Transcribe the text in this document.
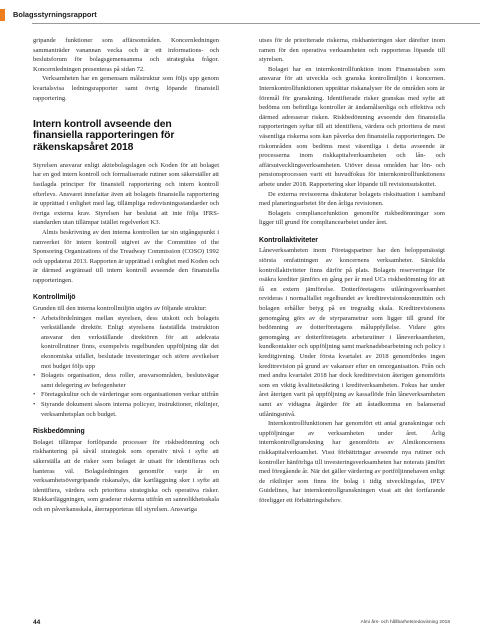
Bolagsstyrningsrapport

gripande funktioner som affärsområden. Koncernledningen sammanträder vanannan vecka och är ett informations- och beslutsforum för bolagsgemensamma och strategiska frågor. Koncernledningen presenteras på sidan 72.

Verksamheten har en gemensam målstruktur som följs upp genom kvartalsvisa ledningsrapporter samt övrig löpande finansiell rapportering.

Intern kontroll avseende den finansiella rapporteringen för räkenskapsåret 2018

Styrelsen ansvarar enligt aktiebolagslagen och Koden för att bolaget har en god intern kontroll och formaliserade rutiner som säkerställer att fastlagda principer för finansiell rapportering och intern kontroll efterlevs. Ansvaret innefattar även att bolagets finansiella rapportering är upprättad i enlighet med lag, tillämpliga redovisningsstandarder och övriga externa krav. Styrelsen har beslutat att inte följa IFRS-standarden utan tillämpar istället regelverket K3.

Almis beskrivning av den interna kontrollen tar sin utgångspunkt i ramverket för intern kontroll utgivet av the Committee of the Sponsoring Organizations of the Treadway Commission (COSO) 1992 och uppdaterat 2013. Rapporten är upprättad i enlighet med Koden och är därmed avgränsad till intern kontroll avseende den finansiella rapporteringen.

Kontrollmiljö

Grunden till den interna kontrollmiljön utgörs av följande struktur:

• Arbetsfördelningen mellan styrelsen, dess utskott och bolagets verkställande direktör. Enligt styrelsens fastställda instruktion ansvarar den verkställande direktören för att adekvata kontrollrutiner finns, exempelvis regelbunden uppföljning där det ekonomiska utfallet, beslutade investeringar och större avvikelser mot budget följs upp
• Bolagets organisation, dess roller, ansvarsområden, beslutsvägar samt delegering av befogenheter
• Företagskultur och de värderingar som organisationen verkar utifrån
• Styrande dokument såsom interna policyer, instruktioner, riktlinjer, verksamhetsplan och budget.
Riskbedömning

Bolaget tillämpar fortlöpande processer för riskbedömning och riskhantering på såväl strategisk som operativ nivå i syfte att säkerställa att de risker som bolaget är utsatt för identifieras och hanteras väl. Bolagsledningen genomför varje år en verksamhetsövergripande riskanalys, där kartläggning sker i syfte att identifiera, värdera och prioritera strategiska och operativa risker. Riskkartläggningen, som graderar riskerna utifrån en sannolikhetsskala och en påverkansskala, återrapporteras till styrelsen. Ansvariga

utses för de prioriterade riskerna, riskhanteringen sker därefter inom ramen för den operativa verksamheten och rapporteras löpande till styrelsen.

Bolaget har en internkontrollfunktion inom Finansstaben som ansvarar för att utveckla och granska kontrollmiljön i koncernen. Internkontrollfunktionen upprättar riskanalyser för de områden som är föremål för granskning. Identifierade risker granskas med syfte att bedöma om befintliga kontroller är ändamålsenliga och effektiva och därmed adresserar risken. Riskbedömning avseende den finansiella rapporteringen syftar till att identifiera, värdera och prioritera de mest väsentliga riskerna som kan påverka den finansiella rapporteringen. De riskområden som bedöms mest väsentliga i detta avseende är processerna inom riskkapitalverksamheten och lån- och affärsutvecklingsverksamheten. Utöver dessa områden har lön- och pensionsprocessen varit ett huvudfokus för internkontrollfunktionens arbete under 2018. Rapportering sker löpande till revisionsutskottet.

De externa revisorerna diskuterar bolagets risksituation i samband med planeringsarbetet för den årliga revisionen.

Bolagets compliancefunktion genomför riskbedömningar som ligger till grund för compliancearbetet under året.

Kontrollaktiviteter

Låneverksamheten inom Företagspartner har den beloppsmässigt största omfattningen av koncernens verksamheter. Särskilda kontrollaktiviteter finns därför på plats. Bolagets reserveringar för osäkra krediter jämförs en gång per år med UCs riskbedömning för att få en extern jämförelse. Dotterföretagens utlåningsverksamhet revideras i normalfallet regelbundet av kreditrevisionskommittén och bolagen erhåller betyg på en tregradig skala. Kreditrevisionens genomgång görs av de styrparametrar som ligger till grund för bedömning av dotterföretagens måluppfyllelse. Vidare görs genomgång av dotterföretagets arbetsrutiner i låneverksamheten, kundkontakter och uppföljning samt marknadsbearbetning och policy i kreditgivning. Under första kvartalet av 2018 genomfördes ingen kreditrevision på grund av vakanser efter en omorganisation. Från och med andra kvartalet 2018 har dock kreditrevision återigen genomförts som en viktig kvalitetssäkring i kreditverksamheten. Fokus har under året återigen varit på uppföljning av kassaflöde från låneverksamheten samt av vidtagna åtgärder för att åstadkomma en balanserad utlåningsnivå.

Internkontrollfunktionen har genomfört ett antal granskningar och uppföljningar av verksamheten under året. Årlig internkontrollgranskning har genomförts av Almikoncernens riskkapitalverksamhet. Visst förbättringar avseende nya rutiner och kontroller hänförliga till investeringsverksamheten har noterats jämfört med föregående år. När det gäller värdering av portföljinnehaven enligt de riktlinjer som finns för bolag i tidig utvecklingsfas, IPEV Guidelines, har internkontrollgranskningen visat att det fortfarande föreligger ett förbättringsbehov.

44	Almi års- och hållbarhetsredovisning 2018
